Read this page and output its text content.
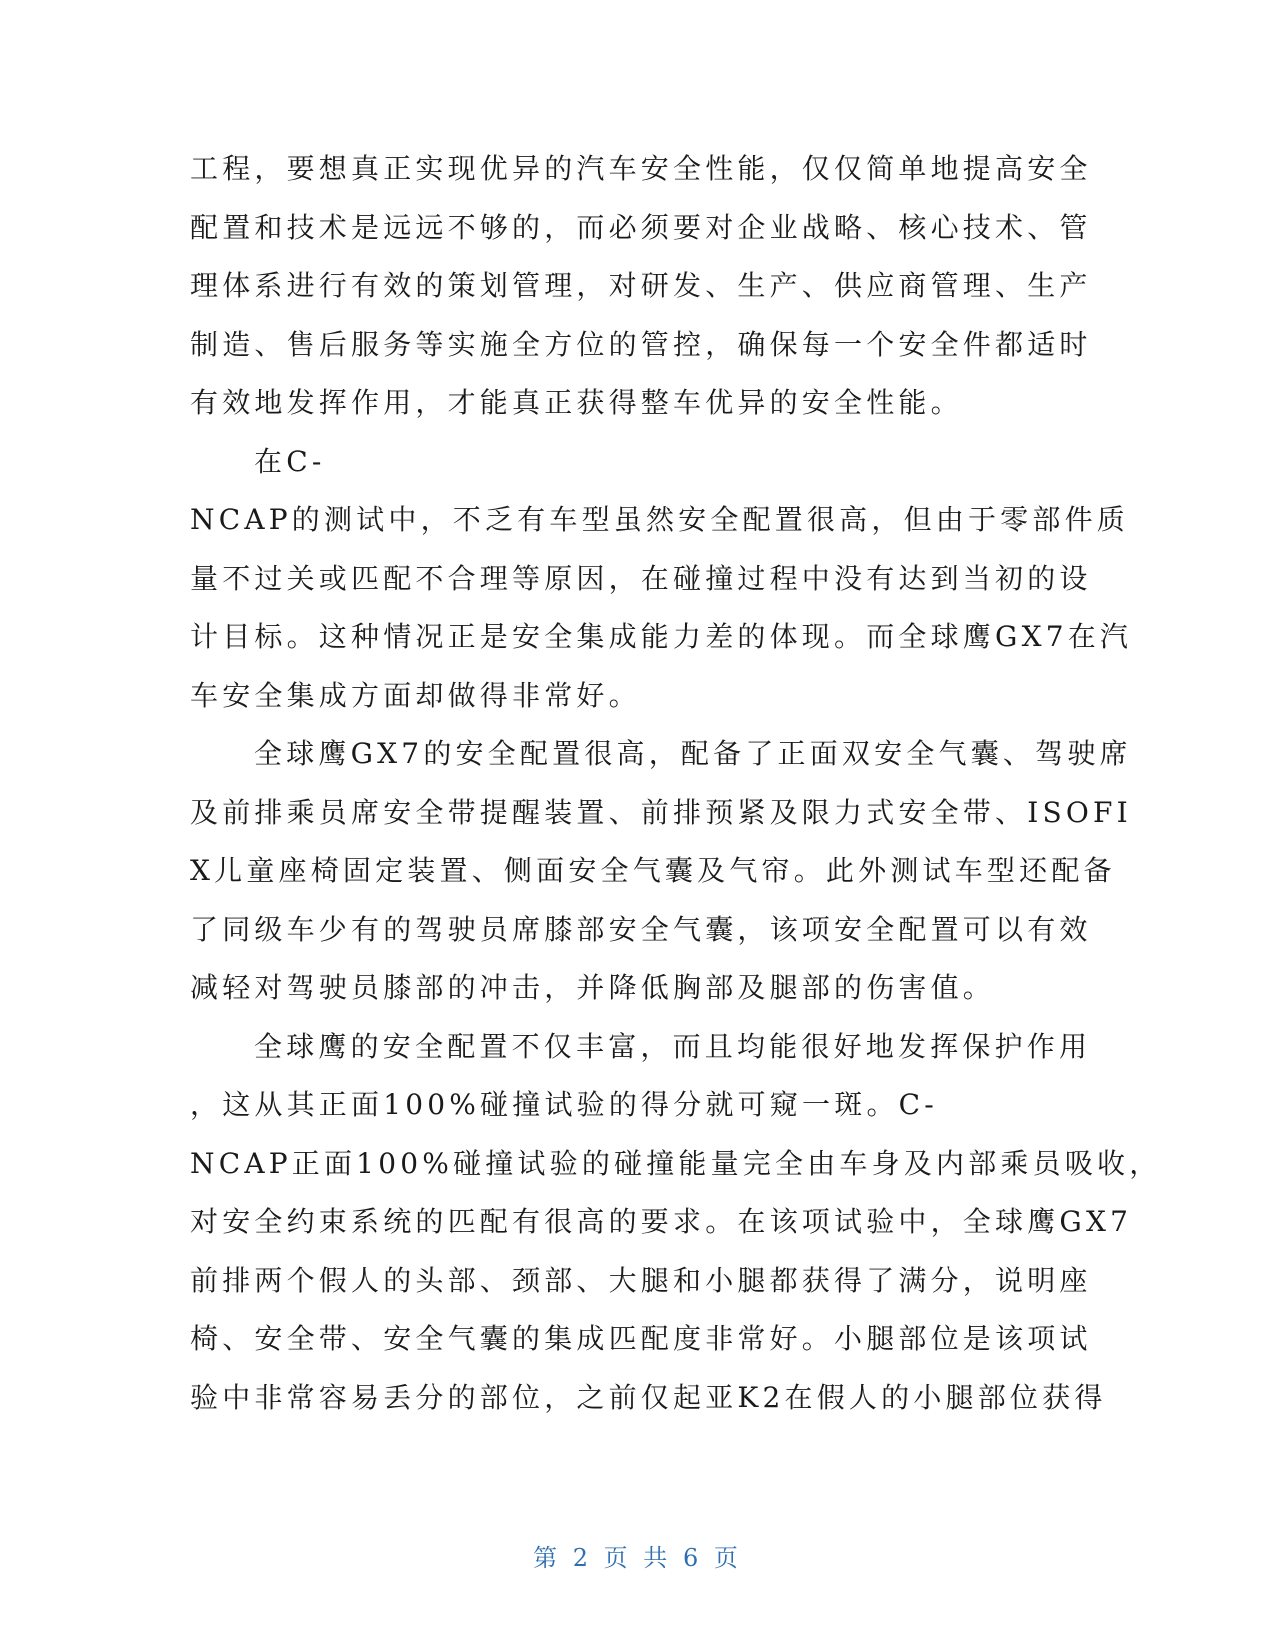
工程，要想真正实现优异的汽车安全性能，仅仅简单地提高安全
配置和技术是远远不够的，而必须要对企业战略、核心技术、管
理体系进行有效的策划管理，对研发、生产、供应商管理、生产
制造、售后服务等实施全方位的管控，确保每一个安全件都适时
有效地发挥作用，才能真正获得整车优异的安全性能。
在C-
NCAP的测试中，不乏有车型虽然安全配置很高，但由于零部件质
量不过关或匹配不合理等原因，在碰撞过程中没有达到当初的设
计目标。这种情况正是安全集成能力差的体现。而全球鹰GX7在汽
车安全集成方面却做得非常好。
全球鹰GX7的安全配置很高，配备了正面双安全气囊、驾驶席
及前排乘员席安全带提醒装置、前排预紧及限力式安全带、ISOFI
X儿童座椅固定装置、侧面安全气囊及气帘。此外测试车型还配备
了同级车少有的驾驶员席膝部安全气囊，该项安全配置可以有效
减轻对驾驶员膝部的冲击，并降低胸部及腿部的伤害值。
全球鹰的安全配置不仅丰富，而且均能很好地发挥保护作用
，这从其正面100%碰撞试验的得分就可窥一斑。C-
NCAP正面100%碰撞试验的碰撞能量完全由车身及内部乘员吸收，
对安全约束系统的匹配有很高的要求。在该项试验中，全球鹰GX7
前排两个假人的头部、颈部、大腿和小腿都获得了满分，说明座
椅、安全带、安全气囊的集成匹配度非常好。小腿部位是该项试
验中非常容易丢分的部位，之前仅起亚K2在假人的小腿部位获得
第 2 页 共 6 页
